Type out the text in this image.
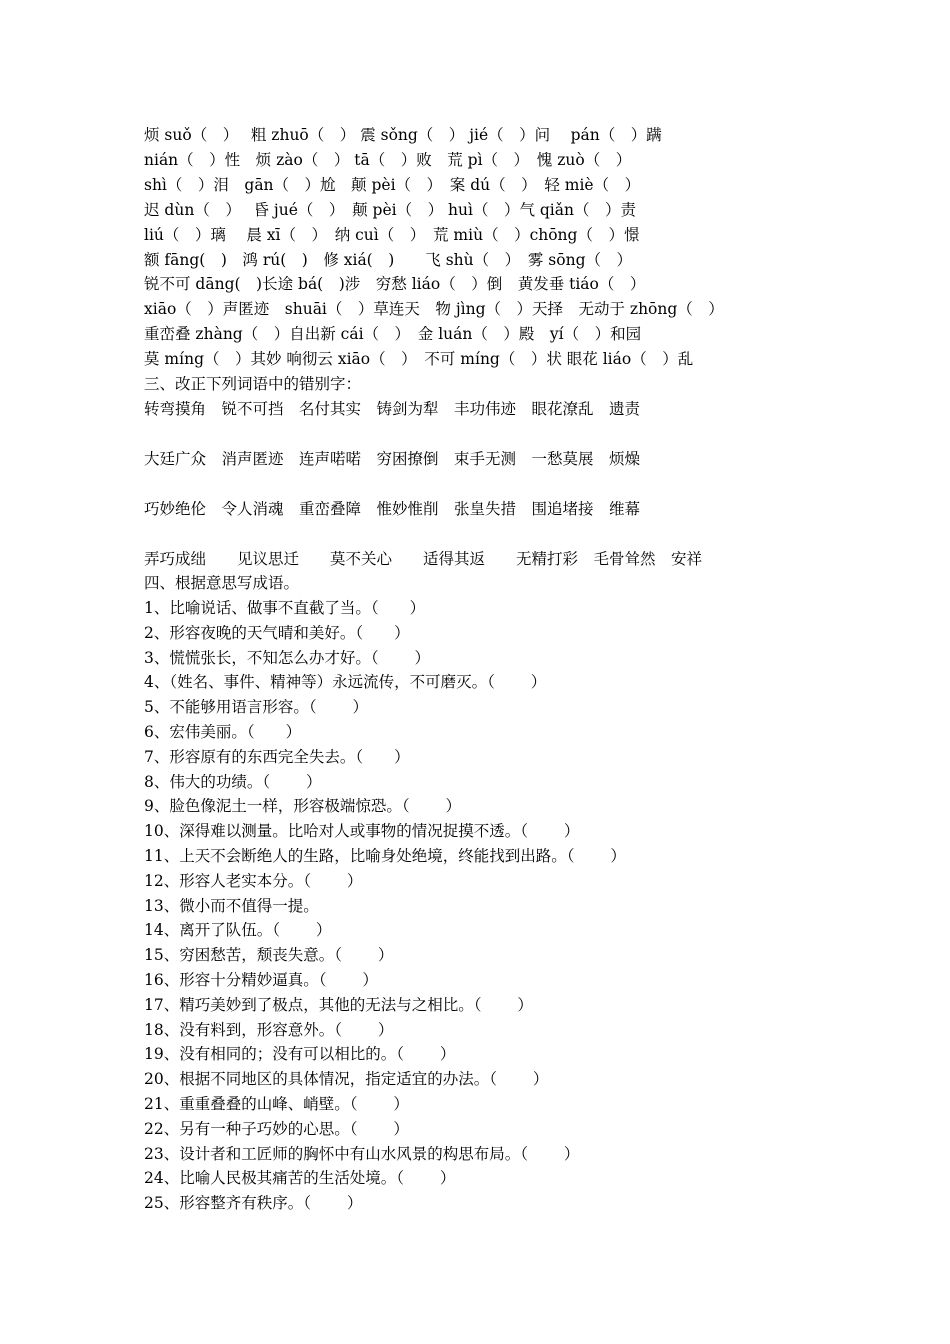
烦 suǒ（　）　 粗 zhuō（　） 震 sǒng（　） jié（　）问　 pán（　）蹒
nián（　）性　烦 zào（　） tā（　）败　荒 pì（　）　愧 zuò（　）
shì（　）泪　gān（　）尬　颠 pèi（　）　案 dú（　）　轻 miè（　）
迟 dùn（　）　 昏 jué（　）　颠 pèi（　） huì（　）气 qiǎn（　）责
liú（　）璃　 晨 xī（　）　纳 cuì（　）　荒 miù（　）chōng（　）憬
额 fāng(　)　鸿 rú(　)　修 xiá(　)　　飞 shù（　）　雾 sōng（　）
锐不可 dāng(　)长途 bá(　)涉　穷愁 liáo（　）倒　黄发垂 tiáo（　）
xiāo（　）声匿迹　shuāi（　）草连天　物 jìng（　）天择　无动于 zhōng（　）
重峦叠 zhàng（　）自出新 cái（　）　金 luán（　）殿　yí（　）和园
莫 míng（　）其妙 响彻云 xiāo（　）　不可 míng（　）状 眼花 liáo（　）乱
三、改正下列词语中的错别字：
转弯摸角　锐不可挡　名付其实　铸剑为犁　丰功伟迹　眼花潦乱　遗责
大廷广众　消声匿迹　连声喏喏　穷困撩倒　束手无测　一愁莫展　烦燥
巧妙绝伦　令人消魂　重峦叠障　惟妙惟削　张皇失措　围追堵接　维幕
弄巧成绌　　见议思迁　　莫不关心　　适得其返　　无精打彩　毛骨耸然　安祥
四、根据意思写成语。
1、比喻说话、做事不直截了当。（　　）
2、形容夜晚的天气晴和美好。（　　）
3、慌慌张长，不知怎么办才好。（　　 ）
4、（姓名、事件、精神等）永远流传，不可磨灭。（　　 ）
5、不能够用语言形容。（　　 ）
6、宏伟美丽。（　　）
7、形容原有的东西完全失去。（　　）
8、伟大的功绩。（　　 ）
9、脸色像泥土一样，形容极端惊恐。（　　 ）
10、深得难以测量。比哈对人或事物的情况捉摸不透。（　　 ）
11、上天不会断绝人的生路，比喻身处绝境，终能找到出路。（　　 ）
12、形容人老实本分。（　　 ）
13、微小而不值得一提。
14、离开了队伍。（　　 ）
15、穷困愁苦，颓丧失意。（　　 ）
16、形容十分精妙逼真。（　　 ）
17、精巧美妙到了极点，其他的无法与之相比。（　　 ）
18、没有料到，形容意外。（　　 ）
19、没有相同的；没有可以相比的。（　　 ）
20、根据不同地区的具体情况，指定适宜的办法。（　　 ）
21、重重叠叠的山峰、峭壁。（　　 ）
22、另有一种子巧妙的心思。（　　 ）
23、设计者和工匠师的胸怀中有山水风景的构思布局。（　　 ）
24、比喻人民极其痛苦的生活处境。（　　 ）
25、形容整齐有秩序。（　　 ）
